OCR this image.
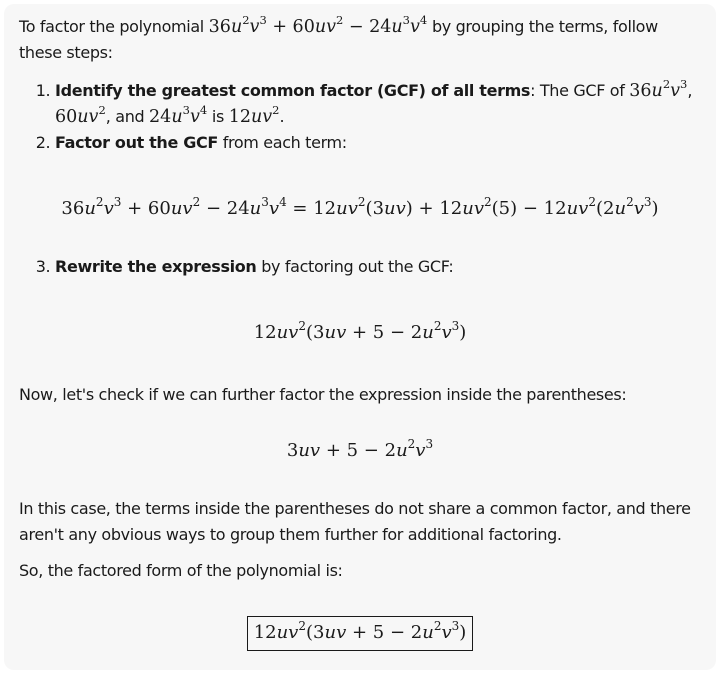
To factor the polynomial $36u^2v^3 + 60uv^2 - 24u^3v^4$ by grouping the terms, follow these steps:

1. Identify the greatest common factor (GCF) of all terms: The GCF of $36u^2v^3$, $60uv^2$, and $24u^3v^4$ is $12uv^2$.
2. Factor out the GCF from each term:
$36u^2v^3 + 60uv^2 - 24u^3v^4 = 12uv^2(3uv) + 12uv^2(5) - 12uv^2(2u^2v^3)$
3. Rewrite the expression by factoring out the GCF:
$12uv^2(3uv + 5 - 2u^2v^3)$

Now, let's check if we can further factor the expression inside the parentheses:

$3uv + 5 - 2u^2v^3$

In this case, the terms inside the parentheses do not share a common factor, and there aren't any obvious ways to group them further for additional factoring.

So, the factored form of the polynomial is:

$12uv^2(3uv + 5 - 2u^2v^3)$
